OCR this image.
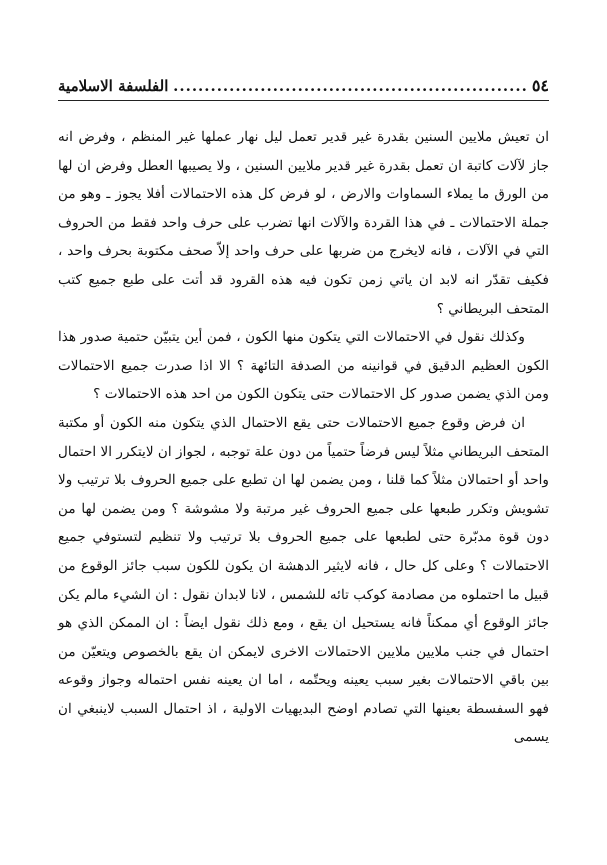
٥٤
.....
الفلسفة الاسلامية

ان تعيش ملايين السنين بقدرة غير قدير تعمل ليل نهار عملها غير المنظم ، وفرض انه جاز لآلات كاتبة ان تعمل بقدرة غير قدير ملايين السنين ، ولا يصيبها العطل وفرض ان لها من الورق ما يملاء السماوات والارض ، لو فرض كل هذه الاحتمالات أفلا يجوز ـ وهو من جملة الاحتمالات ـ في هذا القردة والآلات انها تضرب على حرف واحد فقط من الحروف التي في الآلات ، فانه لايخرج من ضربها على حرف واحد إلاّ صحف مكتوبة بحرف واحد ، فكيف تقدّر انه لابد ان ياتي زمن تكون فيه هذه القرود قد أتت على طبع جميع كتب المتحف البريطاني ؟

وكذلك نقول في الاحتمالات التي يتكون منها الكون ، فمن أين يتبيّن حتمية صدور هذا الكون العظيم الدقيق في قوانينه من الصدفة التائهة ؟ الا اذا صدرت جميع الاحتمالات ومن الذي يضمن صدور كل الاحتمالات حتى يتكون الكون من احد هذه الاحتمالات ؟

ان فرض وقوع جميع الاحتمالات حتى يقع الاحتمال الذي يتكون منه الكون أو مكتبة المتحف البريطاني مثلاً ليس فرضاً حتمياً من دون علة توجبه ، لجواز ان لايتكرر الا احتمال واحد أو احتمالان مثلاً كما قلنا ، ومن يضمن لها ان تطبع على جميع الحروف بلا ترتيب ولا تشويش وتكرر طبعها على جميع الحروف غير مرتبة ولا مشوشة ؟ ومن يضمن لها من دون قوة مدبّرة حتى لطبعها على جميع الحروف بلا ترتيب ولا تنظيم لتستوفي جميع الاحتمالات ؟ وعلى كل حال ، فانه لايثير الدهشة ان يكون للكون سبب جائز الوقوع من قبيل ما احتملوه من مصادمة كوكب تائه للشمس ، لانا لابدان نقول : ان الشيء مالم يكن جائز الوقوع أي ممكناً فانه يستحيل ان يقع ، ومع ذلك نقول ايضاً : ان الممكن الذي هو احتمال في جنب ملايين ملايين الاحتمالات الاخرى لايمكن ان يقع بالخصوص ويتعيّن من بين باقي الاحتمالات بغير سبب يعينه ويحتّمه ، اما ان يعينه نفس احتماله وجواز وقوعه فهو السفسطة بعينها التي تصادم اوضح البديهيات الاولية ، اذ احتمال السبب لاينبغي ان يسمى
